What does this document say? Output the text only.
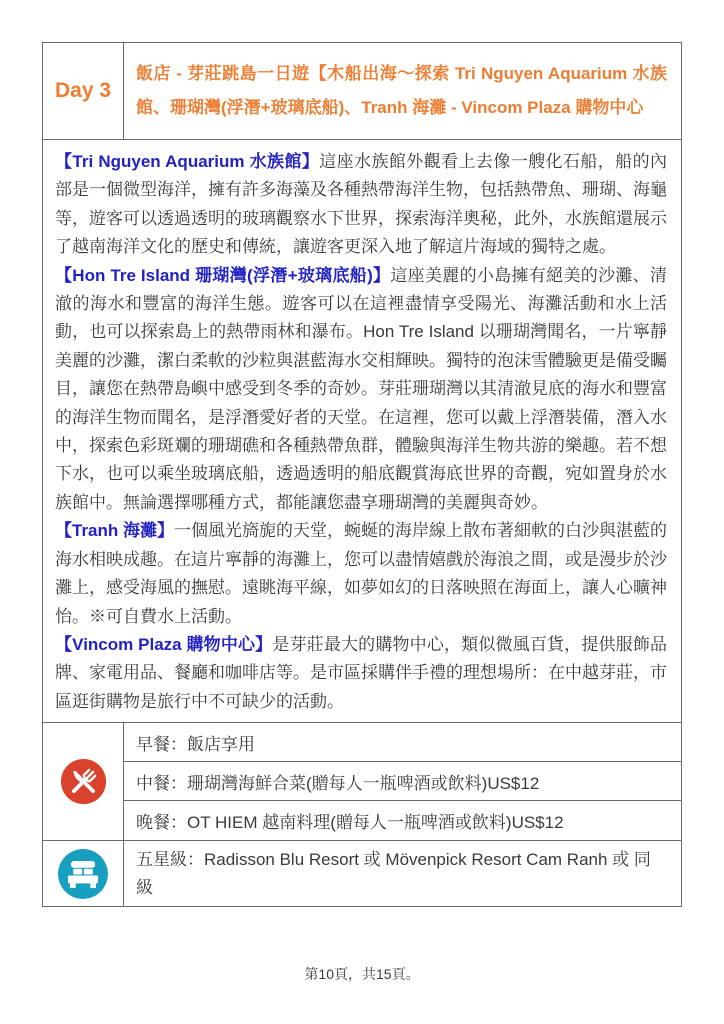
Day 3
飯店 - 芽莊跳島一日遊【木船出海～探索 Tri Nguyen Aquarium 水族館、珊瑚灣(浮潛+玻璃底船)、Tranh 海灘 - Vincom Plaza 購物中心

【Tri Nguyen Aquarium 水族館】這座水族館外觀看上去像一艘化石船，船的內部是一個微型海洋，擁有許多海藻及各種熱帶海洋生物，包括熱帶魚、珊瑚、海龜等，遊客可以透過透明的玻璃觀察水下世界，探索海洋奧秘，此外，水族館還展示了越南海洋文化的歷史和傳統，讓遊客更深入地了解這片海域的獨特之處。

【Hon Tre Island 珊瑚灣(浮潛+玻璃底船)】這座美麗的小島擁有絕美的沙灘、清澈的海水和豐富的海洋生態。遊客可以在這裡盡情享受陽光、海灘活動和水上活動，也可以探索島上的熱帶雨林和瀑布。Hon Tre Island 以珊瑚灣聞名，一片寧靜美麗的沙灘，潔白柔軟的沙粒與湛藍海水交相輝映。獨特的泡沫雪體驗更是備受矚目，讓您在熱帶島嶼中感受到冬季的奇妙。芽莊珊瑚灣以其清澈見底的海水和豐富的海洋生物而聞名，是浮潛愛好者的天堂。在這裡，您可以戴上浮潛裝備，潛入水中，探索色彩斑斕的珊瑚礁和各種熱帶魚群，體驗與海洋生物共游的樂趣。若不想下水，也可以乘坐玻璃底船，透過透明的船底觀賞海底世界的奇觀，宛如置身於水族館中。無論選擇哪種方式，都能讓您盡享珊瑚灣的美麗與奇妙。

【Tranh 海灘】一個風光旖旎的天堂，蜿蜒的海岸線上散布著細軟的白沙與湛藍的海水相映成趣。在這片寧靜的海灘上，您可以盡情嬉戲於海浪之間，或是漫步於沙灘上，感受海風的撫慰。遠眺海平線，如夢如幻的日落映照在海面上，讓人心曠神怡。※可自費水上活動。

【Vincom Plaza 購物中心】是芽莊最大的購物中心，類似微風百貨，提供服飾品牌、家電用品、餐廳和咖啡店等。是市區採購伴手禮的理想場所：在中越芽莊，市區逛街購物是旅行中不可缺少的活動。

早餐：飯店享用
中餐：珊瑚灣海鮮合菜(贈每人一瓶啤酒或飲料)US$12
晚餐：OT HIEM 越南料理(贈每人一瓶啤酒或飲料)US$12
五星級：Radisson Blu Resort 或 Mövenpick Resort Cam Ranh 或 同級
第10頁，共15頁。
